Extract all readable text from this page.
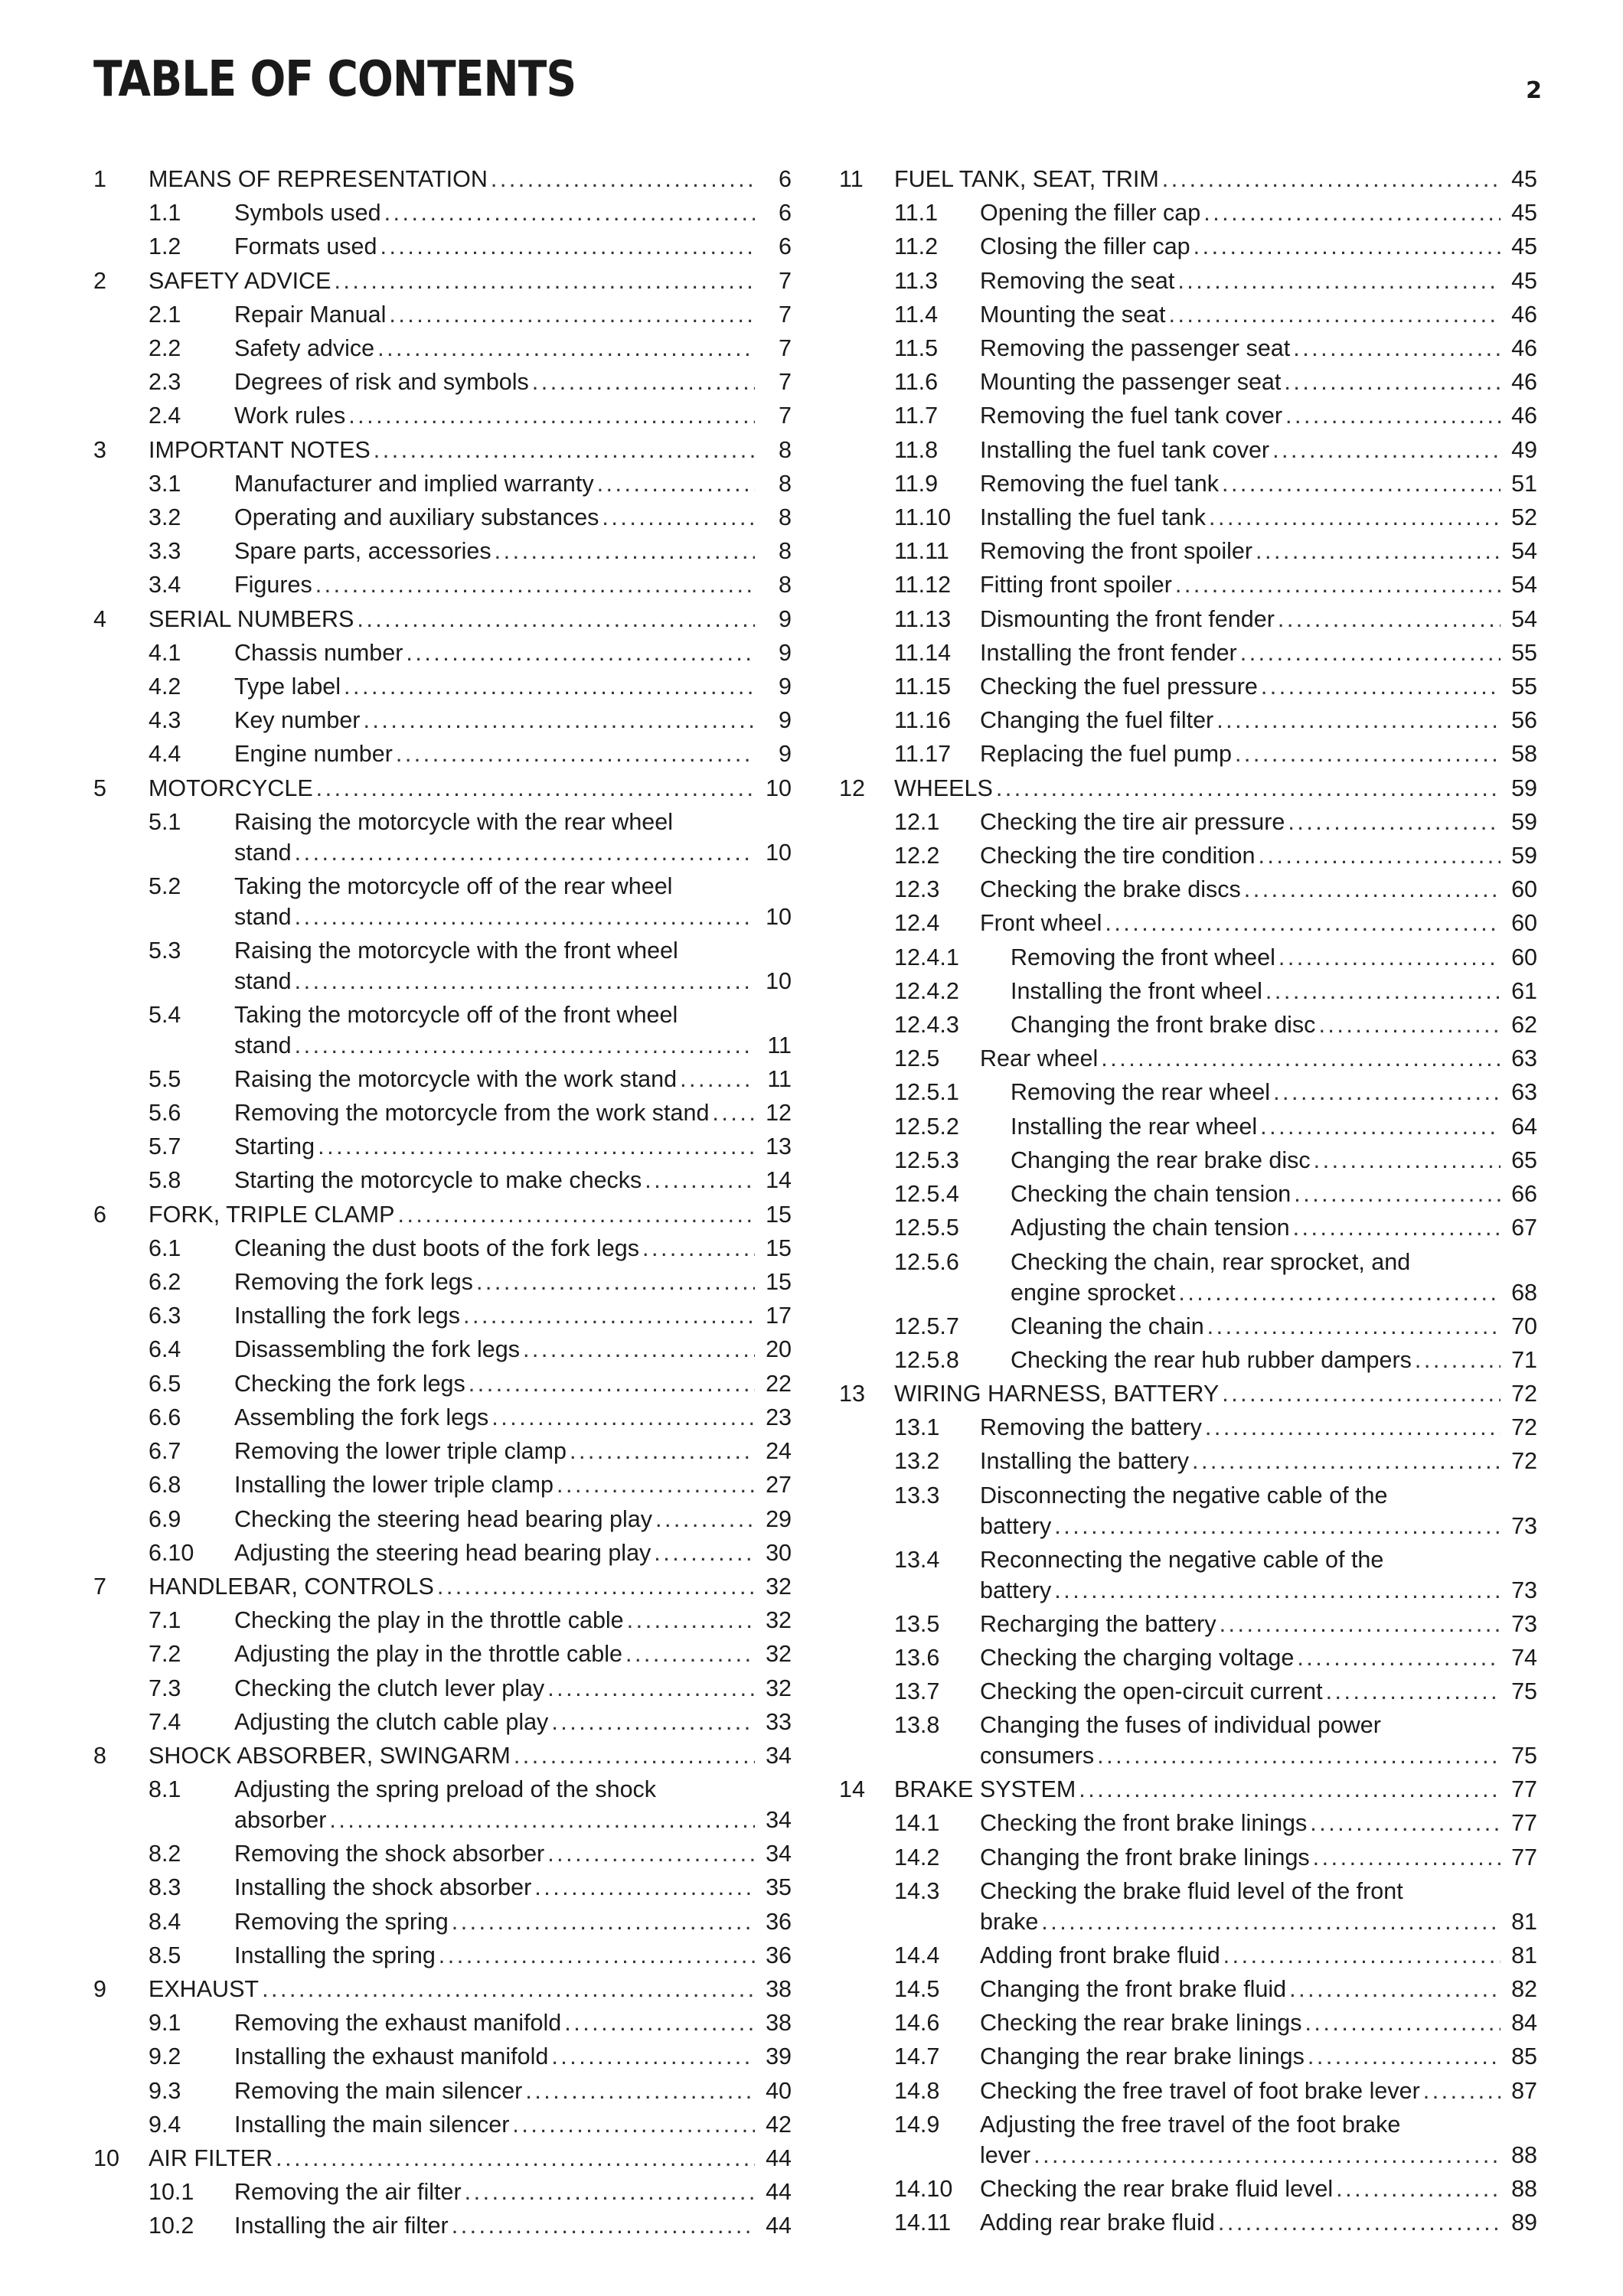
TABLE OF CONTENTS	2
1	MEANS OF REPRESENTATION .....	6
1.1	Symbols used .....	6
1.2	Formats used .....	6
2	SAFETY ADVICE .....	7
2.1	Repair Manual .....	7
2.2	Safety advice .....	7
2.3	Degrees of risk and symbols .....	7
2.4	Work rules .....	7
3	IMPORTANT NOTES .....	8
3.1	Manufacturer and implied warranty .....	8
3.2	Operating and auxiliary substances .....	8
3.3	Spare parts, accessories .....	8
3.4	Figures .....	8
4	SERIAL NUMBERS .....	9
4.1	Chassis number .....	9
4.2	Type label .....	9
4.3	Key number .....	9
4.4	Engine number .....	9
5	MOTORCYCLE .....	10
5.1	Raising the motorcycle with the rear wheel
stand .....	10
5.2	Taking the motorcycle off of the rear wheel
stand .....	10
5.3	Raising the motorcycle with the front wheel
stand .....	10
5.4	Taking the motorcycle off of the front wheel
stand .....	11
5.5	Raising the motorcycle with the work stand .....	11
5.6	Removing the motorcycle from the work stand ..... 12
5.7	Starting .....	13
5.8	Starting the motorcycle to make checks .....	14
6	FORK, TRIPLE CLAMP .....	15
6.1	Cleaning the dust boots of the fork legs .....	15
6.2	Removing the fork legs .....	15
6.3	Installing the fork legs .....	17
6.4	Disassembling the fork legs .....	20
6.5	Checking the fork legs .....	22
6.6	Assembling the fork legs .....	23
6.7	Removing the lower triple clamp .....	24
6.8	Installing the lower triple clamp .....	27
6.9	Checking the steering head bearing play .....	29
6.10	Adjusting the steering head bearing play .....	30
7	HANDLEBAR, CONTROLS .....	32
7.1	Checking the play in the throttle cable .....	32
7.2	Adjusting the play in the throttle cable .....	32
7.3	Checking the clutch lever play .....	32
7.4	Adjusting the clutch cable play .....	33
8	SHOCK ABSORBER, SWINGARM .....	34
8.1	Adjusting the spring preload of the shock
absorber .....	34
8.2	Removing the shock absorber .....	34
8.3	Installing the shock absorber .....	35
8.4	Removing the spring .....	36
8.5	Installing the spring .....	36
9	EXHAUST .....	38
9.1	Removing the exhaust manifold .....	38
9.2	Installing the exhaust manifold .....	39
9.3	Removing the main silencer .....	40
9.4	Installing the main silencer .....	42
10	AIR FILTER .....	44
10.1	Removing the air filter .....	44
10.2	Installing the air filter .....	44
11	FUEL TANK, SEAT, TRIM .....	45
11.1	Opening the filler cap .....	45
11.2	Closing the filler cap .....	45
11.3	Removing the seat .....	45
11.4	Mounting the seat .....	46
11.5	Removing the passenger seat .....	46
11.6	Mounting the passenger seat .....	46
11.7	Removing the fuel tank cover .....	46
11.8	Installing the fuel tank cover .....	49
11.9	Removing the fuel tank .....	51
11.10	Installing the fuel tank .....	52
11.11	Removing the front spoiler .....	54
11.12	Fitting front spoiler .....	54
11.13	Dismounting the front fender .....	54
11.14	Installing the front fender .....	55
11.15	Checking the fuel pressure .....	55
11.16	Changing the fuel filter .....	56
11.17	Replacing the fuel pump .....	58
12	WHEELS .....	59
12.1	Checking the tire air pressure .....	59
12.2	Checking the tire condition .....	59
12.3	Checking the brake discs .....	60
12.4	Front wheel .....	60
12.4.1	Removing the front wheel .....	60
12.4.2	Installing the front wheel .....	61
12.4.3	Changing the front brake disc .....	62
12.5	Rear wheel .....	63
12.5.1	Removing the rear wheel .....	63
12.5.2	Installing the rear wheel .....	64
12.5.3	Changing the rear brake disc .....	65
12.5.4	Checking the chain tension .....	66
12.5.5	Adjusting the chain tension .....	67
12.5.6	Checking the chain, rear sprocket, and
engine sprocket .....	68
12.5.7	Cleaning the chain .....	70
12.5.8	Checking the rear hub rubber dampers .....	71
13	WIRING HARNESS, BATTERY .....	72
13.1	Removing the battery .....	72
13.2	Installing the battery .....	72
13.3	Disconnecting the negative cable of the
battery .....	73
13.4	Reconnecting the negative cable of the
battery .....	73
13.5	Recharging the battery .....	73
13.6	Checking the charging voltage .....	74
13.7	Checking the open-circuit current .....	75
13.8	Changing the fuses of individual power
consumers .....	75
14	BRAKE SYSTEM .....	77
14.1	Checking the front brake linings .....	77
14.2	Changing the front brake linings .....	77
14.3	Checking the brake fluid level of the front
brake .....	81
14.4	Adding front brake fluid .....	81
14.5	Changing the front brake fluid .....	82
14.6	Checking the rear brake linings .....	84
14.7	Changing the rear brake linings .....	85
14.8	Checking the free travel of foot brake lever .....	87
14.9	Adjusting the free travel of the foot brake
lever .....	88
14.10	Checking the rear brake fluid level .....	88
14.11	Adding rear brake fluid .....	89
